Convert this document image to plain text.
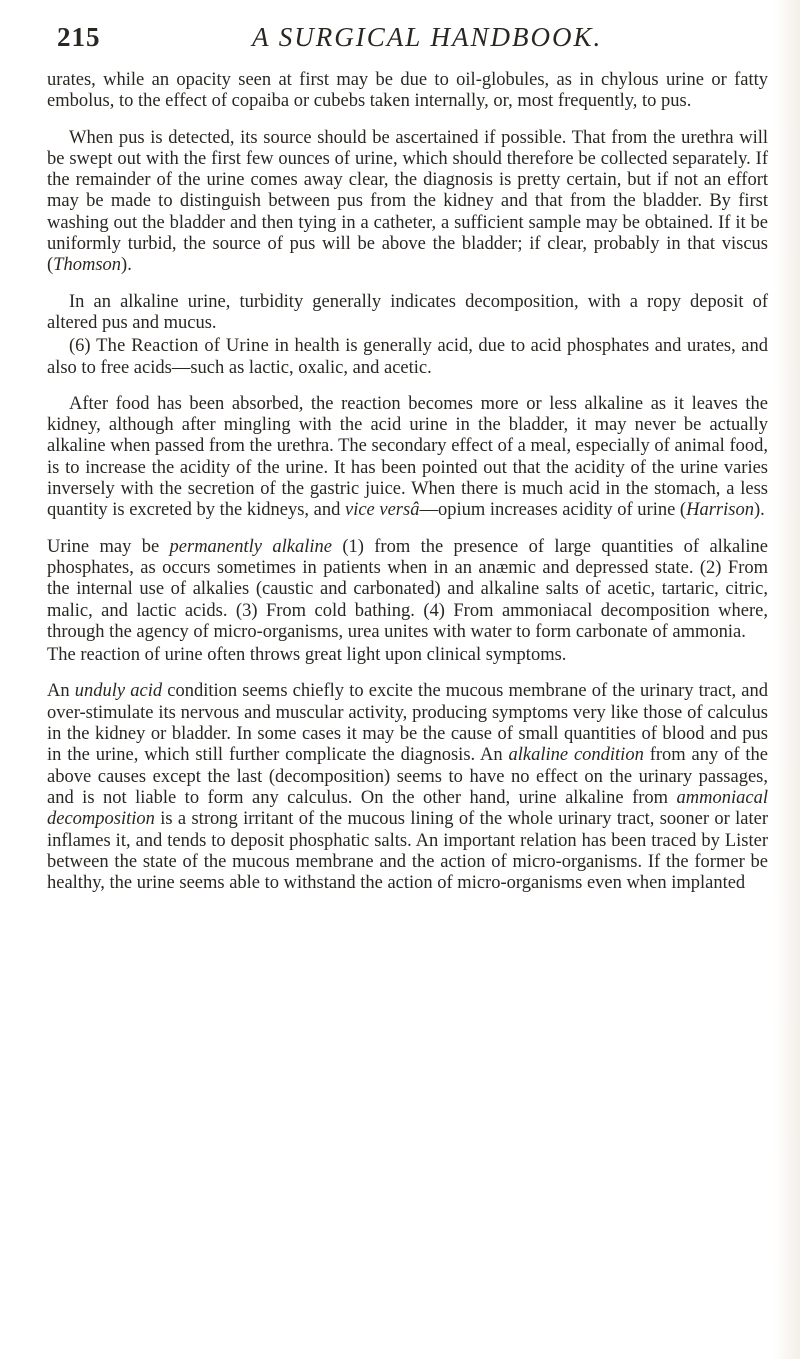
215	A SURGICAL HANDBOOK.

urates, while an opacity seen at first may be due to oil-globules, as in chylous urine or fatty embolus, to the effect of copaiba or cubebs taken internally, or, most frequently, to pus.

When pus is detected, its source should be ascertained if possible. That from the urethra will be swept out with the first few ounces of urine, which should therefore be collected separately. If the remainder of the urine comes away clear, the diagnosis is pretty certain, but if not an effort may be made to distinguish between pus from the kidney and that from the bladder. By first washing out the bladder and then tying in a catheter, a sufficient sample may be obtained. If it be uniformly turbid, the source of pus will be above the bladder; if clear, probably in that viscus (Thomson).

In an alkaline urine, turbidity generally indicates decomposition, with a ropy deposit of altered pus and mucus.

(6) The Reaction of Urine in health is generally acid, due to acid phosphates and urates, and also to free acids—such as lactic, oxalic, and acetic.

After food has been absorbed, the reaction becomes more or less alkaline as it leaves the kidney, although after mingling with the acid urine in the bladder, it may never be actually alkaline when passed from the urethra. The secondary effect of a meal, especially of animal food, is to increase the acidity of the urine. It has been pointed out that the acidity of the urine varies inversely with the secretion of the gastric juice. When there is much acid in the stomach, a less quantity is excreted by the kidneys, and vice versâ—opium increases acidity of urine (Harrison).

Urine may be permanently alkaline (1) from the presence of large quantities of alkaline phosphates, as occurs sometimes in patients when in an anæmic and depressed state. (2) From the internal use of alkalies (caustic and carbonated) and alkaline salts of acetic, tartaric, citric, malic, and lactic acids. (3) From cold bathing. (4) From ammoniacal decomposition where, through the agency of micro-organisms, urea unites with water to form carbonate of ammonia.

The reaction of urine often throws great light upon clinical symptoms.

An unduly acid condition seems chiefly to excite the mucous membrane of the urinary tract, and over-stimulate its nervous and muscular activity, producing symptoms very like those of calculus in the kidney or bladder. In some cases it may be the cause of small quantities of blood and pus in the urine, which still further complicate the diagnosis. An alkaline condition from any of the above causes except the last (decomposition) seems to have no effect on the urinary passages, and is not liable to form any calculus. On the other hand, urine alkaline from ammoniacal decomposition is a strong irritant of the mucous lining of the whole urinary tract, sooner or later inflames it, and tends to deposit phosphatic salts. An important relation has been traced by Lister between the state of the mucous membrane and the action of micro-organisms. If the former be healthy, the urine seems able to withstand the action of micro-organisms even when implanted
